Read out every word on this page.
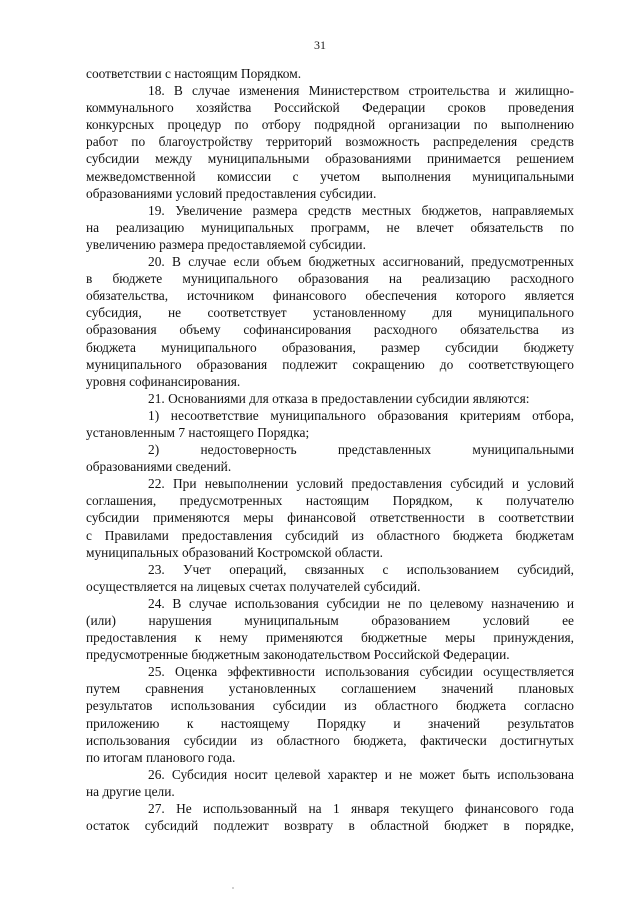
31
соответствии с настоящим Порядком.
18. В случае изменения Министерством строительства и жилищно-
коммунального хозяйства Российской Федерации сроков проведения
конкурсных процедур по отбору подрядной организации по выполнению
работ по благоустройству территорий возможность распределения средств
субсидии между муниципальными образованиями принимается решением
межведомственной комиссии с учетом выполнения муниципальными
образованиями условий предоставления субсидии.
19. Увеличение размера средств местных бюджетов, направляемых
на реализацию муниципальных программ, не влечет обязательств по
увеличению размера предоставляемой субсидии.
20. В случае если объем бюджетных ассигнований, предусмотренных
в бюджете муниципального образования на реализацию расходного
обязательства, источником финансового обеспечения которого является
субсидия, не соответствует установленному для муниципального
образования объему софинансирования расходного обязательства из
бюджета муниципального образования, размер субсидии бюджету
муниципального образования подлежит сокращению до соответствующего
уровня софинансирования.
21. Основаниями для отказа в предоставлении субсидии являются:
1) несоответствие муниципального образования критериям отбора,
установленным 7 настоящего Порядка;
2) недостоверность представленных муниципальными
образованиями сведений.
22. При невыполнении условий предоставления субсидий и условий
соглашения, предусмотренных настоящим Порядком, к получателю
субсидии применяются меры финансовой ответственности в соответствии
с Правилами предоставления субсидий из областного бюджета бюджетам
муниципальных образований Костромской области.
23. Учет операций, связанных с использованием субсидий,
осуществляется на лицевых счетах получателей субсидий.
24. В случае использования субсидии не по целевому назначению и
(или) нарушения муниципальным образованием условий ее
предоставления к нему применяются бюджетные меры принуждения,
предусмотренные бюджетным законодательством Российской Федерации.
25. Оценка эффективности использования субсидии осуществляется
путем сравнения установленных соглашением значений плановых
результатов использования субсидии из областного бюджета согласно
приложению к настоящему Порядку и значений результатов
использования субсидии из областного бюджета, фактически достигнутых
по итогам планового года.
26. Субсидия носит целевой характер и не может быть использована
на другие цели.
27. Не использованный на 1 января текущего финансового года
остаток субсидий подлежит возврату в областной бюджет в порядке,
